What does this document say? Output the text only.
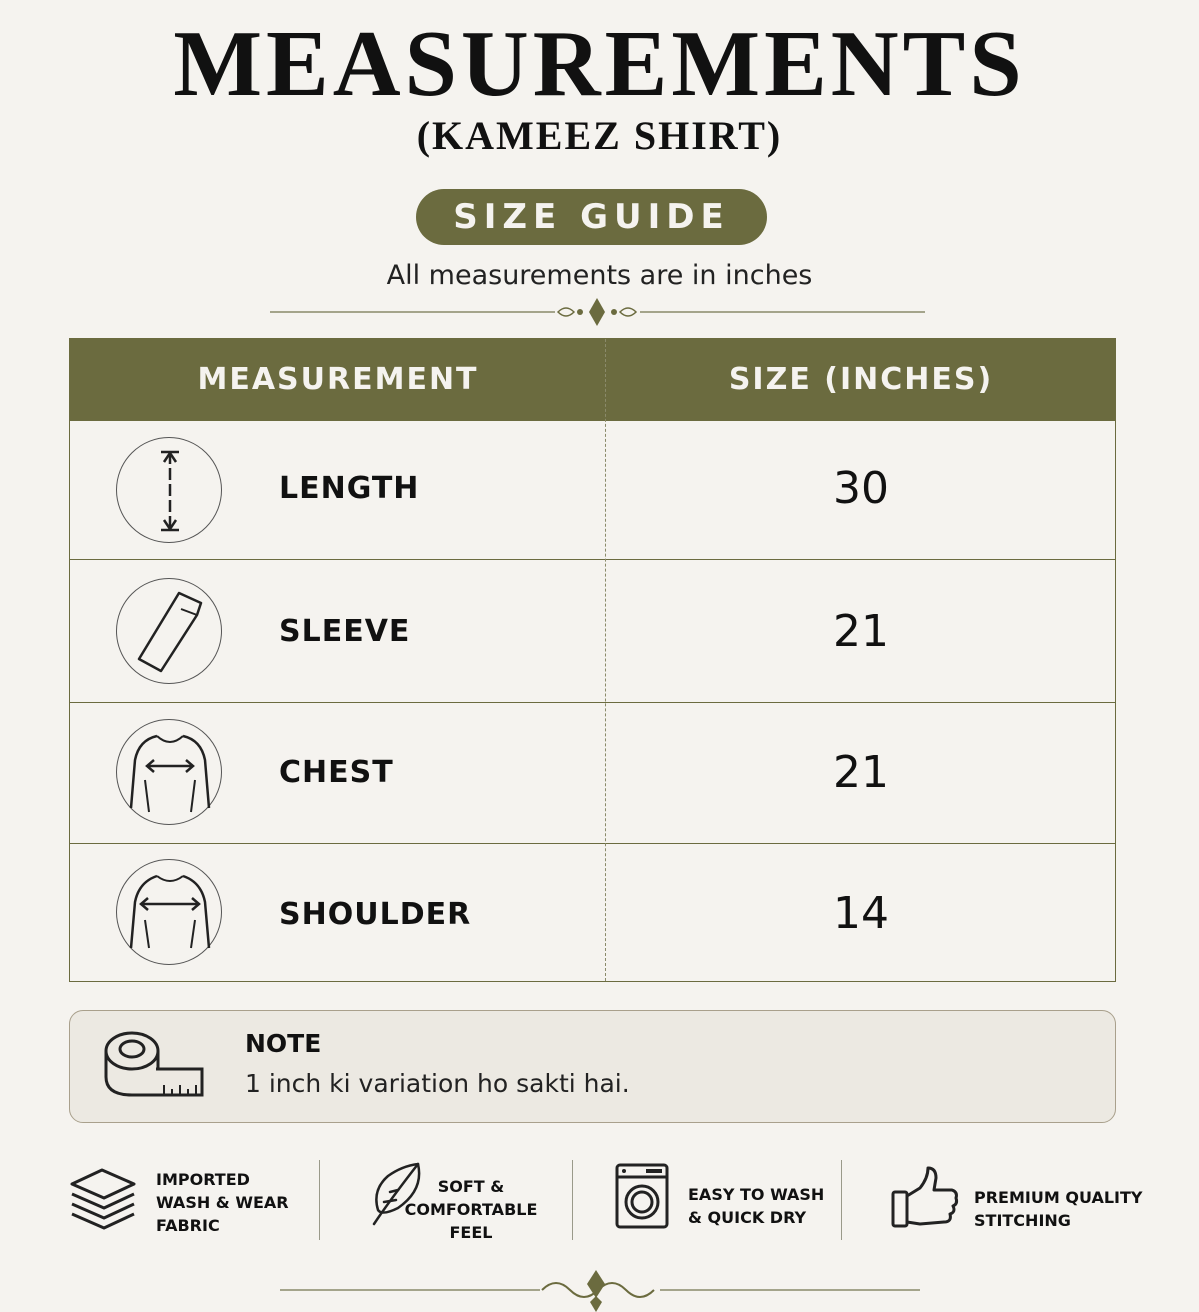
MEASUREMENTS
(KAMEEZ SHIRT)
SIZE GUIDE
All measurements are in inches
MEASUREMENT	SIZE (INCHES)
LENGTH	30
SLEEVE	21
CHEST	21
SHOULDER	14
NOTE
1 inch ki variation ho sakti hai.
IMPORTED
WASH & WEAR
FABRIC
SOFT &
COMFORTABLE
FEEL
EASY TO WASH
& QUICK DRY
PREMIUM QUALITY
STITCHING
